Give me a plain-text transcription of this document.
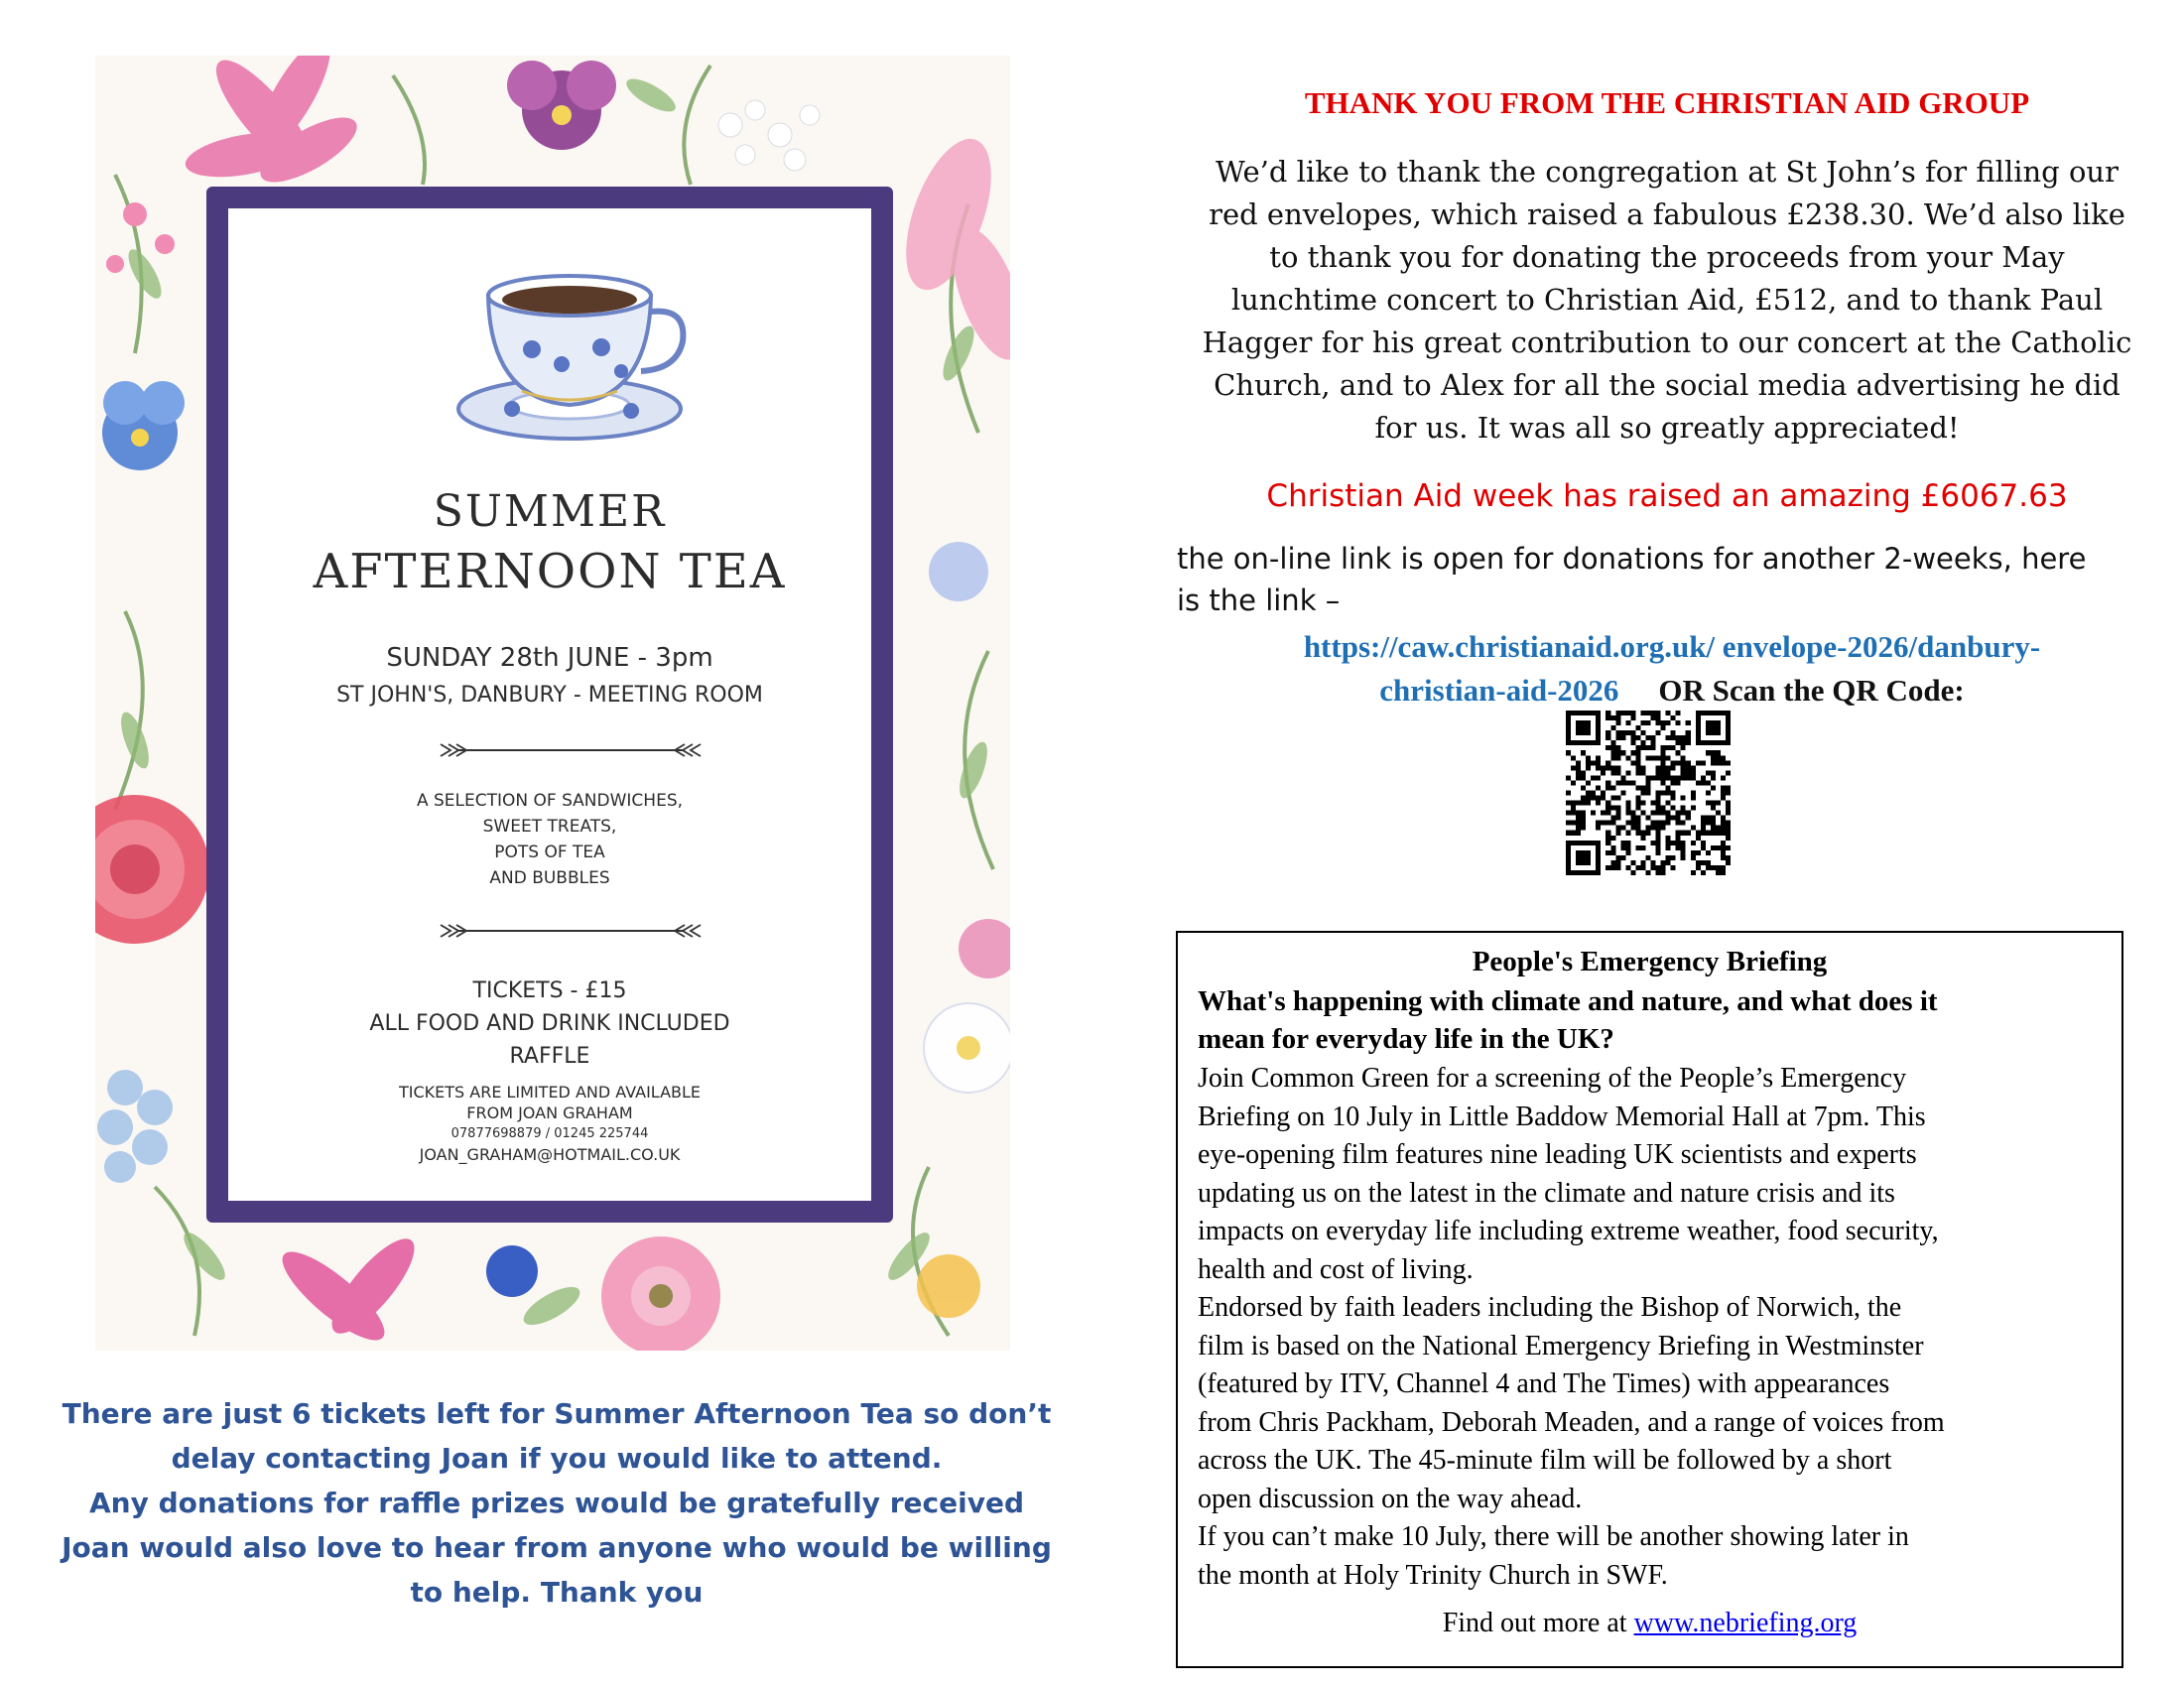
SUMMER
AFTERNOON TEA
SUNDAY 28th JUNE - 3pm
ST JOHN'S, DANBURY - MEETING ROOM
A SELECTION OF SANDWICHES,
SWEET TREATS,
POTS OF TEA
AND BUBBLES
TICKETS - £15
ALL FOOD AND DRINK INCLUDED
RAFFLE
TICKETS ARE LIMITED AND AVAILABLE
FROM JOAN GRAHAM
07877698879 / 01245 225744
JOAN_GRAHAM@HOTMAIL.CO.UK
There are just 6 tickets left for Summer Afternoon Tea so don’t
delay contacting Joan if you would like to attend.
Any donations for raffle prizes would be gratefully received
Joan would also love to hear from anyone who would be willing
to help. Thank you
THANK YOU FROM THE CHRISTIAN AID GROUP
We’d like to thank the congregation at St John’s for filling our
red envelopes, which raised a fabulous £238.30. We’d also like
to thank you for donating the proceeds from your May
lunchtime concert to Christian Aid, £512, and to thank Paul
Hagger for his great contribution to our concert at the Catholic
Church, and to Alex for all the social media advertising he did
for us. It was all so greatly appreciated!
Christian Aid week has raised an amazing £6067.63
the on-line link is open for donations for another 2-weeks, here
is the link –
https://caw.christianaid.org.uk/ envelope-2026/danbury-
christian-aid-2026 OR Scan the QR Code:
People's Emergency Briefing
What's happening with climate and nature, and what does it
mean for everyday life in the UK?
Join Common Green for a screening of the People’s Emergency
Briefing on 10 July in Little Baddow Memorial Hall at 7pm. This
eye-opening film features nine leading UK scientists and experts
updating us on the latest in the climate and nature crisis and its
impacts on everyday life including extreme weather, food security,
health and cost of living.
Endorsed by faith leaders including the Bishop of Norwich, the
film is based on the National Emergency Briefing in Westminster
(featured by ITV, Channel 4 and The Times) with appearances
from Chris Packham, Deborah Meaden, and a range of voices from
across the UK. The 45-minute film will be followed by a short
open discussion on the way ahead.
If you can’t make 10 July, there will be another showing later in
the month at Holy Trinity Church in SWF.
Find out more at www.nebriefing.org
